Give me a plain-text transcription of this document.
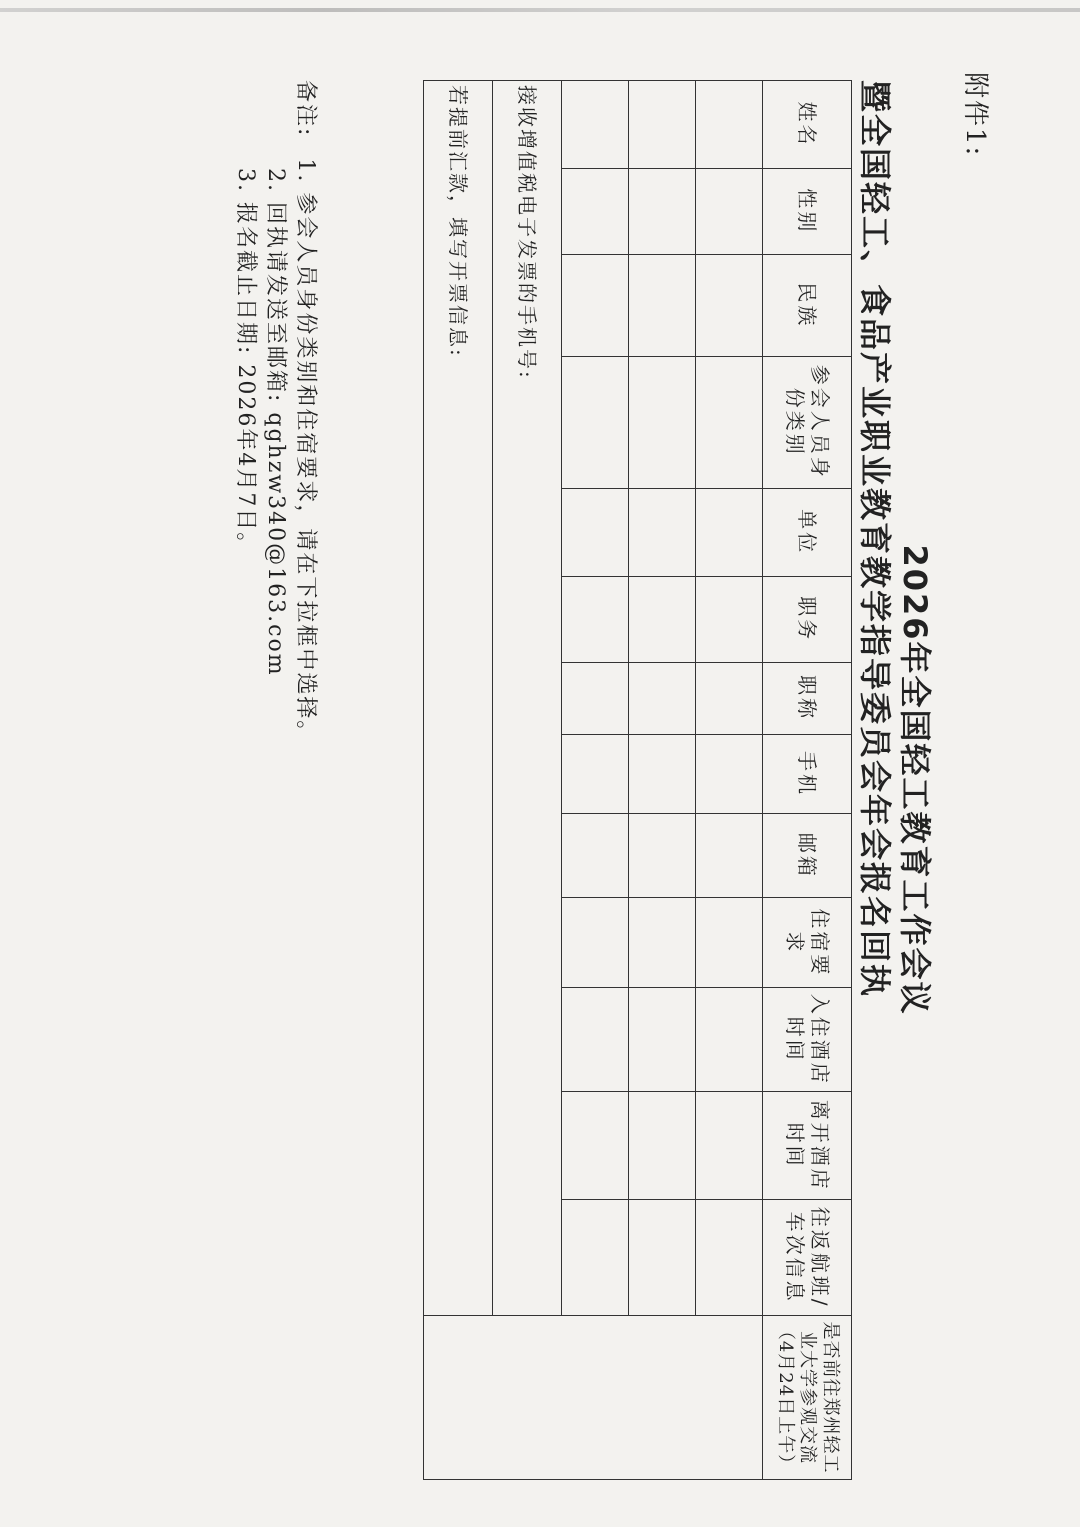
附件1:
2026年全国轻工教育工作会议
暨全国轻工、食品产业职业教育教学指导委员会年会报名回执
姓名	性别	民族	参会人员身份类别	单位	职务	职称	手机	邮箱	住宿要求	入住酒店时间	离开酒店时间	往返航班/车次信息	是否前往郑州轻工业大学参观交流（4月24日上午）

接收增值税电子发票的手机号:													
若提前汇款，填写开票信息:													
备注: 1. 参会人员身份类别和住宿要求，请在下拉框中选择。
2. 回执请发送至邮箱: qghzw340@163.com
3. 报名截止日期: 2026年4月7日。
